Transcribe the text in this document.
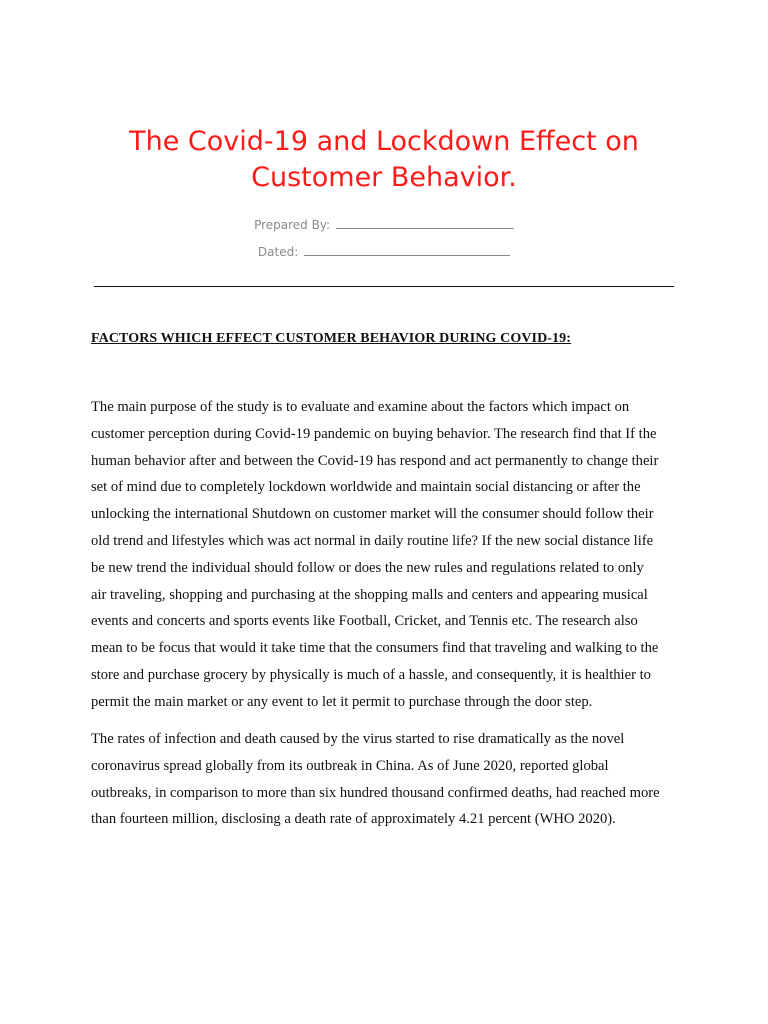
The Covid-19 and Lockdown Effect on
Customer Behavior.
Prepared By:
Dated:
FACTORS WHICH EFFECT CUSTOMER BEHAVIOR DURING COVID-19:

The main purpose of the study is to evaluate and examine about the factors which impact on
customer perception during Covid-19 pandemic on buying behavior. The research find that If the
human behavior after and between the Covid-19 has respond and act permanently to change their
set of mind due to completely lockdown worldwide and maintain social distancing or after the
unlocking the international Shutdown on customer market will the consumer should follow their
old trend and lifestyles which was act normal in daily routine life? If the new social distance life
be new trend the individual should follow or does the new rules and regulations related to only
air traveling, shopping and purchasing at the shopping malls and centers and appearing musical
events and concerts and sports events like Football, Cricket, and Tennis etc. The research also
mean to be focus that would it take time that the consumers find that traveling and walking to the
store and purchase grocery by physically is much of a hassle, and consequently, it is healthier to
permit the main market or any event to let it permit to purchase through the door step.

The rates of infection and death caused by the virus started to rise dramatically as the novel
coronavirus spread globally from its outbreak in China. As of June 2020, reported global
outbreaks, in comparison to more than six hundred thousand confirmed deaths, had reached more
than fourteen million, disclosing a death rate of approximately 4.21 percent (WHO 2020).
